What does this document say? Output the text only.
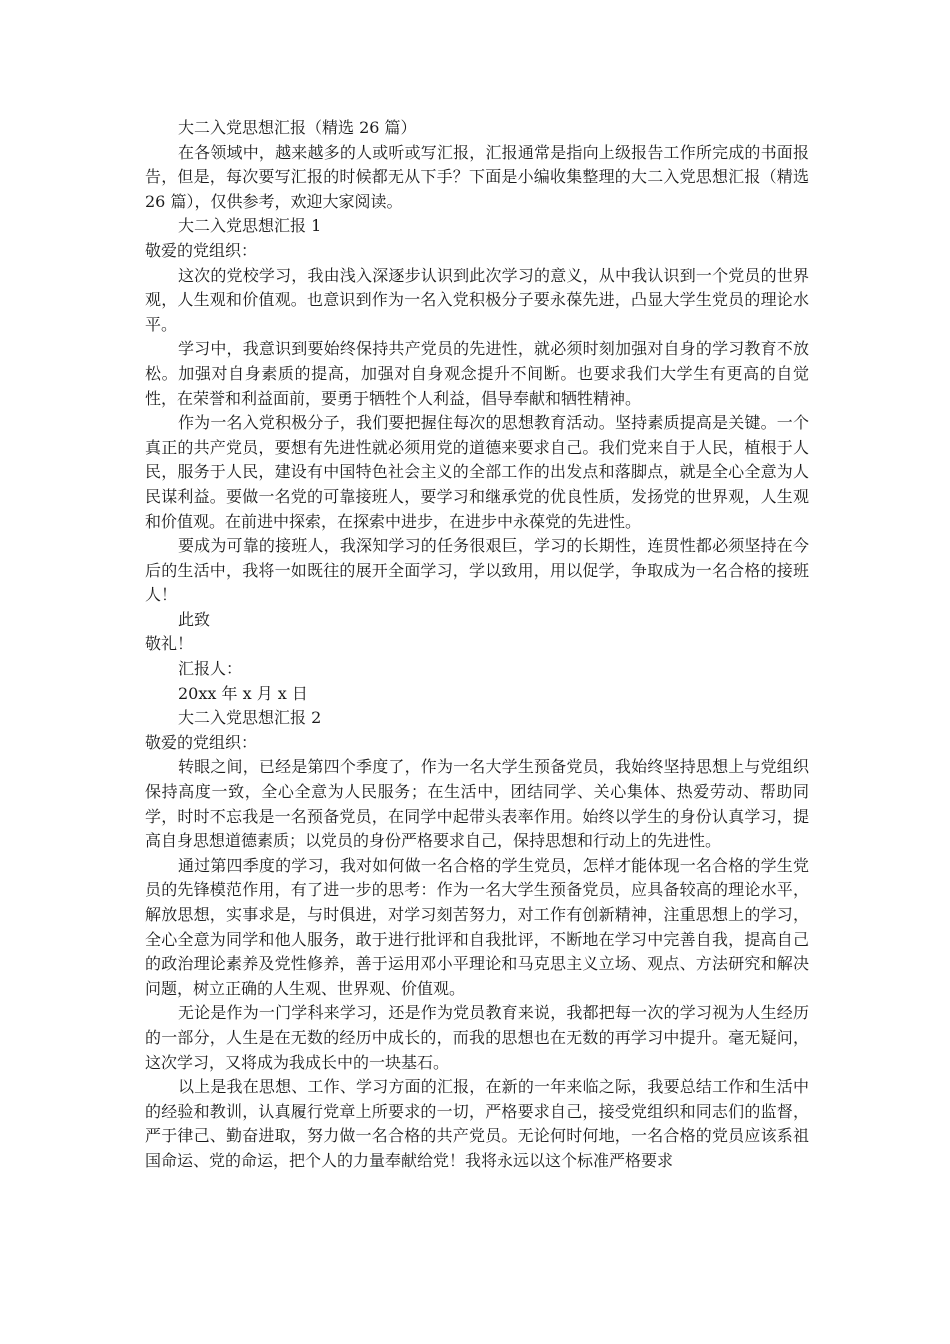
大二入党思想汇报（精选 26 篇）

在各领域中，越来越多的人或听或写汇报，汇报通常是指向上级报告工作所完成的书面报告，但是，每次要写汇报的时候都无从下手？下面是小编收集整理的大二入党思想汇报（精选 26 篇），仅供参考，欢迎大家阅读。

大二入党思想汇报 1

敬爱的党组织：

这次的党校学习，我由浅入深逐步认识到此次学习的意义，从中我认识到一个党员的世界观，人生观和价值观。也意识到作为一名入党积极分子要永葆先进，凸显大学生党员的理论水平。

学习中，我意识到要始终保持共产党员的先进性，就必须时刻加强对自身的学习教育不放松。加强对自身素质的提高，加强对自身观念提升不间断。也要求我们大学生有更高的自觉性，在荣誉和利益面前，要勇于牺牲个人利益，倡导奉献和牺牲精神。

作为一名入党积极分子，我们要把握住每次的思想教育活动。坚持素质提高是关键。一个真正的共产党员，要想有先进性就必须用党的道德来要求自己。我们党来自于人民，植根于人民，服务于人民，建设有中国特色社会主义的全部工作的出发点和落脚点，就是全心全意为人民谋利益。要做一名党的可靠接班人，要学习和继承党的优良性质，发扬党的世界观，人生观和价值观。在前进中探索，在探索中进步，在进步中永葆党的先进性。

要成为可靠的接班人，我深知学习的任务很艰巨，学习的长期性，连贯性都必须坚持在今后的生活中，我将一如既往的展开全面学习，学以致用，用以促学，争取成为一名合格的接班人！

此致

敬礼！

汇报人：

20xx 年 x 月 x 日

大二入党思想汇报 2

敬爱的党组织：

转眼之间，已经是第四个季度了，作为一名大学生预备党员，我始终坚持思想上与党组织保持高度一致，全心全意为人民服务；在生活中，团结同学、关心集体、热爱劳动、帮助同学，时时不忘我是一名预备党员，在同学中起带头表率作用。始终以学生的身份认真学习，提高自身思想道德素质；以党员的身份严格要求自己，保持思想和行动上的先进性。

通过第四季度的学习，我对如何做一名合格的学生党员，怎样才能体现一名合格的学生党员的先锋模范作用，有了进一步的思考：作为一名大学生预备党员，应具备较高的理论水平，解放思想，实事求是，与时俱进，对学习刻苦努力，对工作有创新精神，注重思想上的学习，全心全意为同学和他人服务，敢于进行批评和自我批评，不断地在学习中完善自我，提高自己的政治理论素养及党性修养，善于运用邓小平理论和马克思主义立场、观点、方法研究和解决问题，树立正确的人生观、世界观、价值观。

无论是作为一门学科来学习，还是作为党员教育来说，我都把每一次的学习视为人生经历的一部分，人生是在无数的经历中成长的，而我的思想也在无数的再学习中提升。毫无疑问，这次学习，又将成为我成长中的一块基石。

以上是我在思想、工作、学习方面的汇报，在新的一年来临之际，我要总结工作和生活中的经验和教训，认真履行党章上所要求的一切，严格要求自己，接受党组织和同志们的监督，严于律己、勤奋进取，努力做一名合格的共产党员。无论何时何地，一名合格的党员应该系祖国命运、党的命运，把个人的力量奉献给党！我将永远以这个标准严格要求
